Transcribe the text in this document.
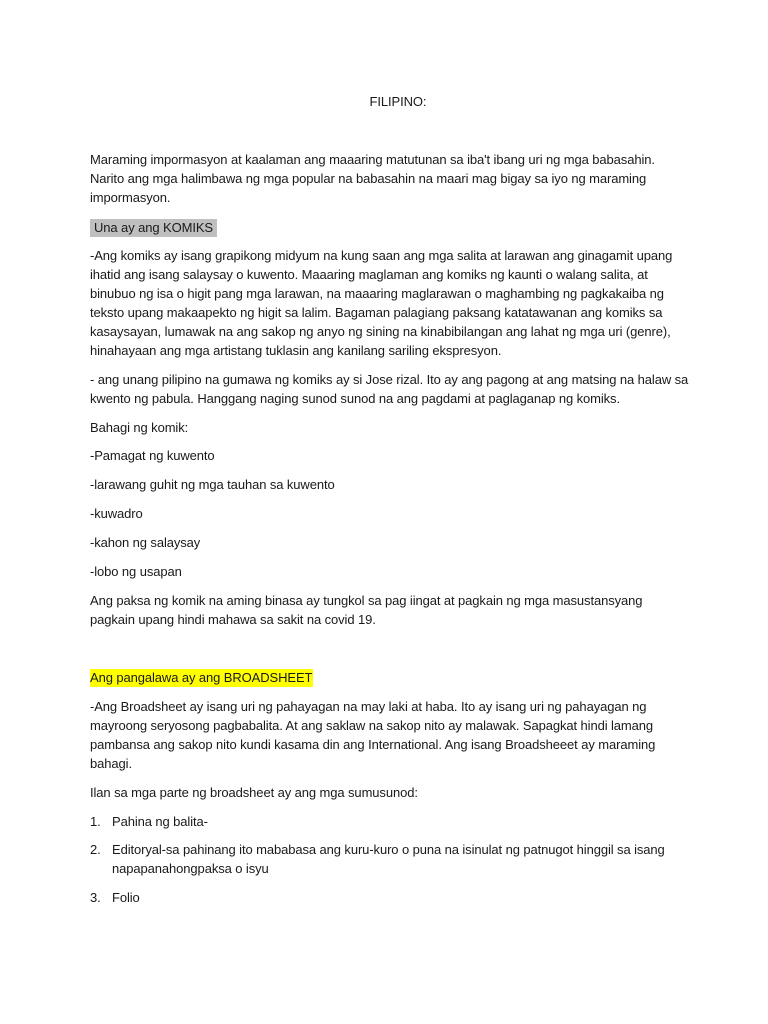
FILIPINO:

Maraming impormasyon at kaalaman ang maaaring matutunan sa iba't ibang uri ng mga babasahin. Narito ang mga halimbawa ng mga popular na babasahin na maari mag bigay sa iyo ng maraming impormasyon.

Una ay ang KOMIKS

-Ang komiks ay isang grapikong midyum na kung saan ang mga salita at larawan ang ginagamit upang ihatid ang isang salaysay o kuwento. Maaaring maglaman ang komiks ng kaunti o walang salita, at binubuo ng isa o higit pang mga larawan, na maaaring maglarawan o maghambing ng pagkakaiba ng teksto upang makaapekto ng higit sa lalim. Bagaman palagiang paksang katatawanan ang komiks sa kasaysayan, lumawak na ang sakop ng anyo ng sining na kinabibilangan ang lahat ng mga uri (genre), hinahayaan ang mga artistang tuklasin ang kanilang sariling ekspresyon.

- ang unang pilipino na gumawa ng komiks ay si Jose rizal. Ito ay ang pagong at ang matsing na halaw sa kwento ng pabula. Hanggang naging sunod sunod na ang pagdami at paglaganap ng komiks.

Bahagi ng komik:

-Pamagat ng kuwento

-larawang guhit ng mga tauhan sa kuwento

-kuwadro

-kahon ng salaysay

-lobo ng usapan

Ang paksa ng komik na aming binasa ay tungkol sa pag iingat at pagkain ng mga masustansyang pagkain upang hindi mahawa sa sakit na covid 19.

Ang pangalawa ay ang BROADSHEET

-Ang Broadsheet ay isang uri ng pahayagan na may laki at haba. Ito ay isang uri ng pahayagan ng mayroong seryosong pagbabalita. At ang saklaw na sakop nito ay malawak. Sapagkat hindi lamang pambansa ang sakop nito kundi kasama din ang International. Ang isang Broadsheeet ay maraming bahagi.

Ilan sa mga parte ng broadsheet ay ang mga sumusunod:

1. Pahina ng balita-
2. Editoryal-sa pahinang ito mababasa ang kuru-kuro o puna na isinulat ng patnugot hinggil sa isang napapanahongpaksa o isyu
3. Folio
